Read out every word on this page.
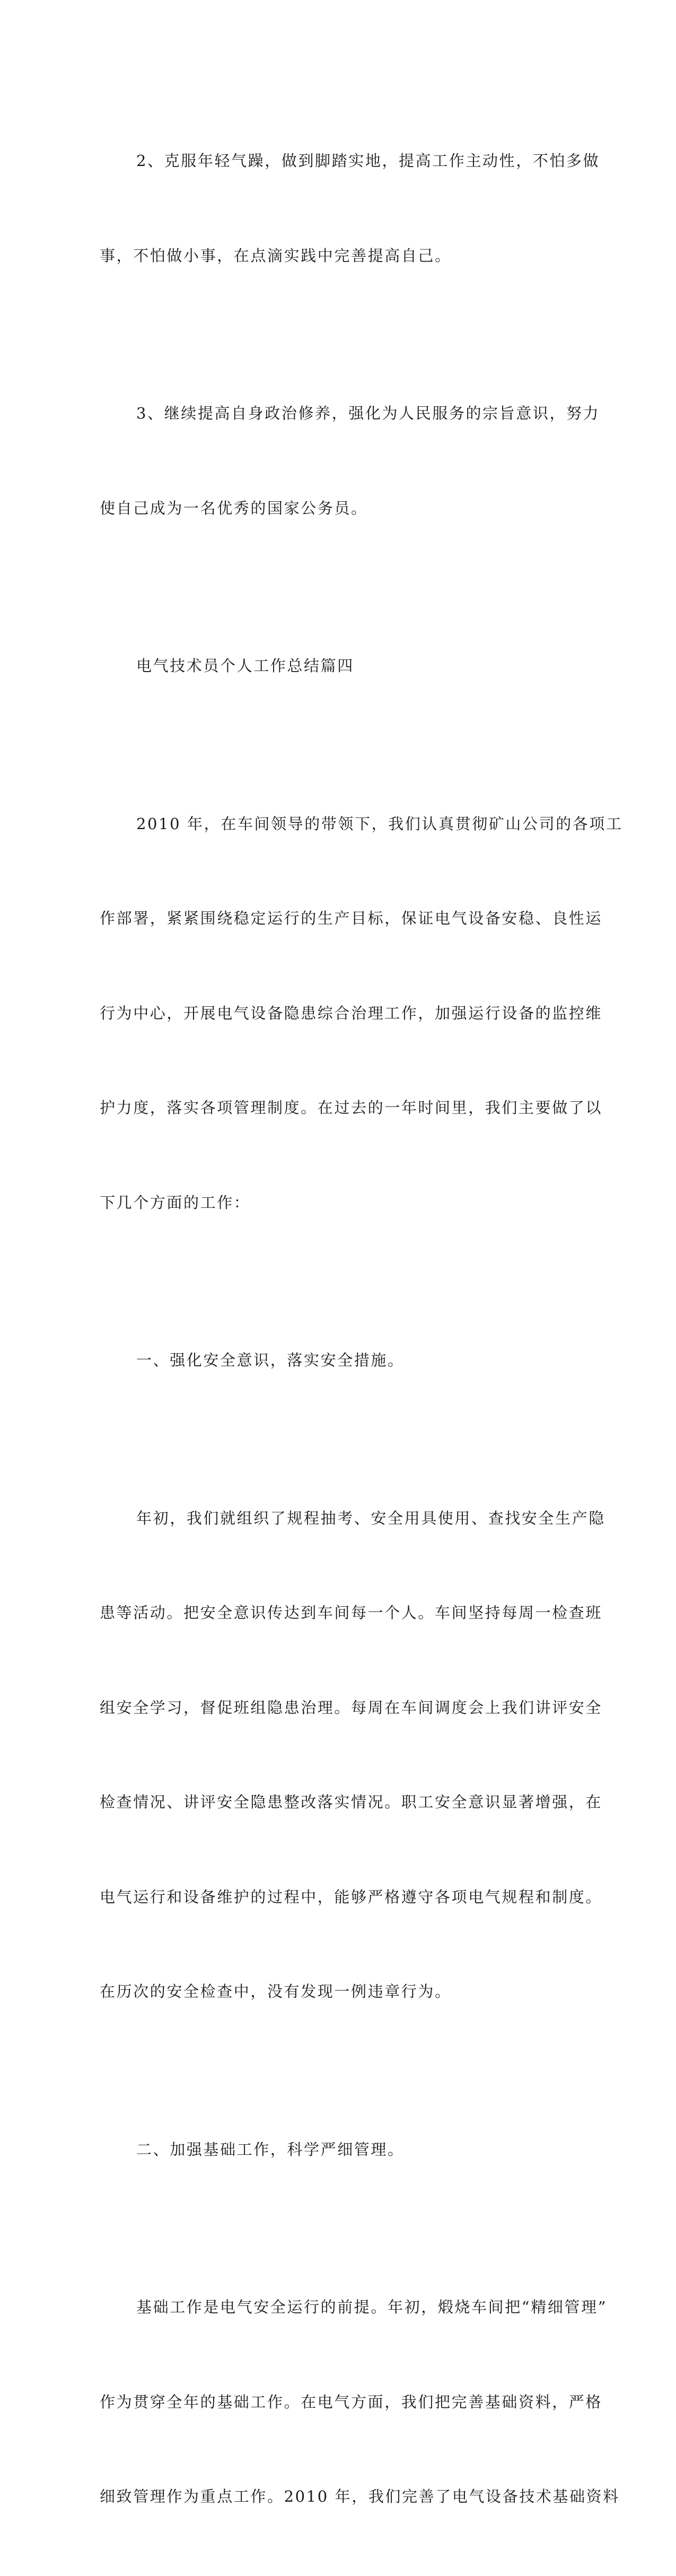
2、克服年轻气躁，做到脚踏实地，提高工作主动性，不怕多做

事，不怕做小事，在点滴实践中完善提高自己。

3、继续提高自身政治修养，强化为人民服务的宗旨意识，努力

使自己成为一名优秀的国家公务员。

电气技术员个人工作总结篇四

2010 年，在车间领导的带领下，我们认真贯彻矿山公司的各项工

作部署，紧紧围绕稳定运行的生产目标，保证电气设备安稳、良性运

行为中心，开展电气设备隐患综合治理工作，加强运行设备的监控维

护力度，落实各项管理制度。在过去的一年时间里，我们主要做了以

下几个方面的工作：

一、强化安全意识，落实安全措施。

年初，我们就组织了规程抽考、安全用具使用、查找安全生产隐

患等活动。把安全意识传达到车间每一个人。车间坚持每周一检查班

组安全学习，督促班组隐患治理。每周在车间调度会上我们讲评安全

检查情况、讲评安全隐患整改落实情况。职工安全意识显著增强，在

电气运行和设备维护的过程中，能够严格遵守各项电气规程和制度。

在历次的安全检查中，没有发现一例违章行为。

二、加强基础工作，科学严细管理。

基础工作是电气安全运行的前提。年初，煅烧车间把“精细管理”

作为贯穿全年的基础工作。在电气方面，我们把完善基础资料，严格

细致管理作为重点工作。2010 年，我们完善了电气设备技术基础资料
